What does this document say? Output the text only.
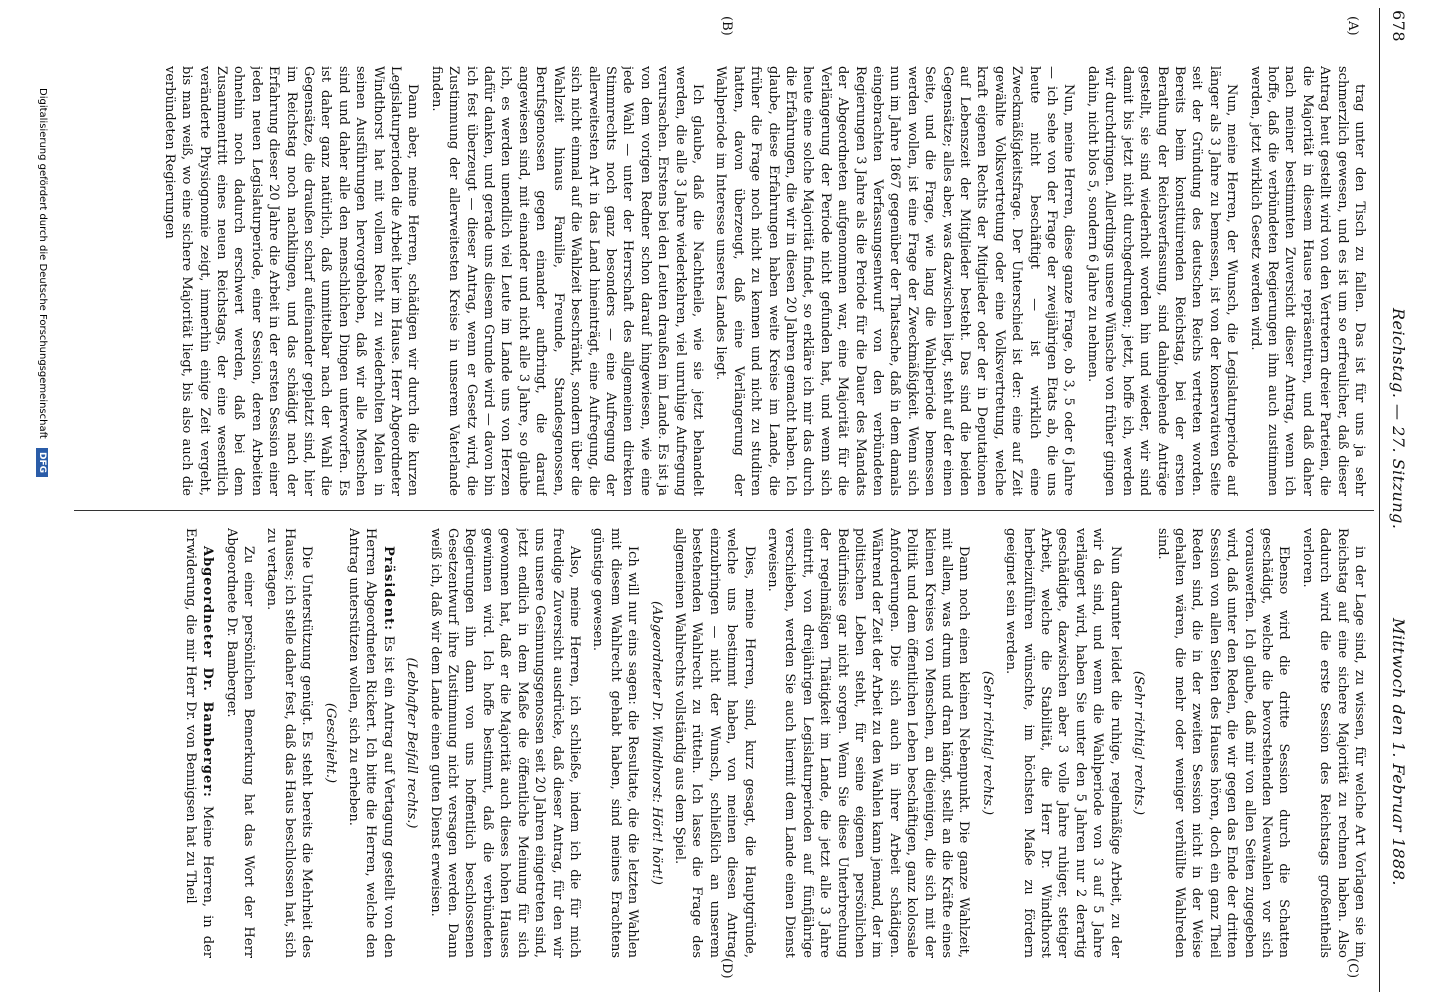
678
Reichstag. — 27. Sitzung.
Mittwoch den 1. Februar 1888.
(A)
(B)
(C)
(D)

trag unter den Tisch zu fallen. Das ist für uns ja sehr schmerzlich gewesen, und es ist um so erfreulicher, daß dieser Antrag heut gestellt wird von den Vertretern dreier Parteien, die die Majorität in diesem Hause repräsentiren, und daß daher nach meiner bestimmten Zuversicht dieser Antrag, wenn ich hoffe, daß die verbündeten Regierungen ihm auch zustimmen werden, jetzt wirklich Gesetz werden wird.

Nun, meine Herren, der Wunsch, die Legislaturperiode auf länger als 3 Jahre zu bemessen, ist von der konservativen Seite seit der Gründung des deutschen Reichs vertreten worden. Bereits beim konstituirenden Reichstag, bei der ersten Berathung der Reichsverfassung, sind dahingehende Anträge gestellt, sie sind wiederholt worden hin und wieder, wir sind damit bis jetzt nicht durchgedrungen; jetzt, hoffe ich, werden wir durchdringen. Allerdings unsere Wünsche von früher gingen dahin, nicht blos 5, sondern 6 Jahre zu nehmen.

Nun, meine Herren, diese ganze Frage, ob 3, 5 oder 6 Jahre — ich sehe von der Frage der zweijährigen Etats ab, die uns heute nicht beschäftigt — ist wirklich eine Zweckmäßigkeitsfrage. Der Unterschied ist der: eine auf Zeit gewählte Volksvertretung oder eine Volksvertretung, welche kraft eigenen Rechts der Mitglieder oder der in Deputationen auf Lebenszeit der Mitglieder besteht. Das sind die beiden Gegensätze; alles aber, was dazwischen liegt, steht auf der einen Seite, und die Frage, wie lang die Wahlperiode bemessen werden wollen, ist eine Frage der Zweckmäßigkeit. Wenn sich nun im Jahre 1867 gegenüber der Thatsache, daß in dem damals eingebrachten Verfassungsentwurf von den verbündeten Regierungen 3 Jahre als die Periode für die Dauer des Mandats der Abgeordneten aufgenommen war, eine Majorität für die Verlängerung der Periode nicht gefunden hat, und wenn sich heute eine solche Majorität findet, so erkläre ich mir das durch die Erfahrungen, die wir in diesen 20 Jahren gemacht haben. Ich glaube, diese Erfahrungen haben weite Kreise im Lande, die früher die Frage noch nicht zu kennen und nicht zu studiren hatten, davon überzeugt, daß eine Verlängerung der Wahlperiode im Interesse unseres Landes liegt.

Ich glaube, daß die Nachtheile, wie sie jetzt behandelt werden, die alle 3 Jahre wiederkehren, viel unruhige Aufregung verursachen. Erstens bei den Leuten draußen im Lande. Es ist ja von dem vorigen Redner schon darauf hingewiesen, wie eine jede Wahl — unter der Herrschaft des allgemeinen direkten Stimmrechts noch ganz besonders — eine Aufregung der allerweitesten Art in das Land hineinträgt, eine Aufregung, die sich nicht einmal auf die Wahlzeit beschränkt, sondern über die Wahlzeit hinaus Familie, Freunde, Standesgenossen, Berufsgenossen gegen einander aufbringt, die darauf angewiesen sind, mit einander und nicht alle 3 Jahre, so glaube ich, es werden unendlich viel Leute im Lande uns von Herzen dafür danken, und gerade uns diesem Grunde wird — davon bin ich fest überzeugt — dieser Antrag, wenn er Gesetz wird, die Zustimmung der allerweitesten Kreise in unserem Vaterlande finden.

Dann aber, meine Herren, schädigen wir durch die kurzen Legislaturperioden die Arbeit hier im Hause. Herr Abgeordneter Windthorst hat mit vollem Recht zu wiederholten Malen in seinen Ausführungen hervorgehoben, daß wir alle Menschen sind und daher alle den menschlichen Dingen unterworfen. Es ist daher ganz natürlich, daß unmittelbar nach der Wahl die Gegensätze, die draußen scharf aufeinander geplatzt sind, hier im Reichstag noch nachklingen, und das schädigt nach der Erfahrung dieser 20 Jahre die Arbeit in der ersten Session einer jeden neuen Legislaturperiode, einer Session, deren Arbeiten ohnehin noch dadurch erschwert werden, daß bei dem Zusammentritt eines neuen Reichstags, der eine wesentlich veränderte Physiognomie zeigt, immerhin einige Zeit vergeht, bis man weiß, wo eine sichere Majorität liegt, bis also auch die verbündeten Regierungen

in der Lage sind, zu wissen, für welche Art Vorlagen sie im Reichstag auf eine sichere Majorität zu rechnen haben. Also dadurch wird die erste Session des Reichstags großentheils verloren.

Ebenso wird die dritte Session durch die Schatten geschädigt, welche die bevorstehenden Neuwahlen vor sich vorauswerfen. Ich glaube, daß mir von allen Seiten zugegeben wird, daß unter den Reden, die wir gegen das Ende der dritten Session von allen Seiten des Hauses hören, doch ein ganz Theil Reden sind, die in der zweiten Session nicht in der Weise gehalten wären, die mehr oder weniger verhüllte Wahlreden sind.

(Sehr richtig! rechts.)

Nun darunter leidet die ruhige, regelmäßige Arbeit, zu der wir da sind, und wenn die Wahlperiode von 3 auf 5 Jahre verlängert wird, haben Sie unter den 5 Jahren nur 2 derartig geschädigte, dazwischen aber 3 volle Jahre ruhiger, stetiger Arbeit, welche die Stabilität, die Herr Dr. Windthorst herbeizuführen wünschte, im höchsten Maße zu fördern geeignet sein werden.

(Sehr richtig! rechts.)

Dann noch einen kleinen Nebenpunkt. Die ganze Wahlzeit, mit allem, was drum und dran hängt, stellt an die Kräfte eines kleinen Kreises von Menschen, an diejenigen, die sich mit der Politik und dem öffentlichen Leben beschäftigen, ganz kolossale Anforderungen. Die sich auch in ihrer Arbeit schädigen. Während der Zeit der Arbeit zu den Wahlen kann jemand, der im politischen Leben steht, für seine eigenen persönlichen Bedürfnisse gar nicht sorgen. Wenn Sie diese Unterbrechung der regelmäßigen Thätigkeit im Lande, die jetzt alle 3 Jahre eintritt, von dreijährigen Legislaturperioden auf fünfjährige verschieben, werden Sie auch hiermit dem Lande einen Dienst erweisen.

Dies, meine Herren, sind, kurz gesagt, die Hauptgründe, welche uns bestimmt haben, von meinen diesen Antrag einzubringen — nicht der Wunsch, schließlich an unserem bestehenden Wahlrecht zu rütteln. Ich lasse die Frage des allgemeinen Wahlrechts vollständig aus dem Spiel.

(Abgeordneter Dr. Windthorst: Hört! hört!)

Ich will nur eins sagen: die Resultate, die die letzten Wahlen mit diesem Wahlrecht gehabt haben, sind meines Erachtens günstige gewesen.

Also, meine Herren, ich schließe, indem ich die für mich freudige Zuversicht ausdrücke, daß dieser Antrag, für den wir uns unsere Gesinnungsgenossen seit 20 Jahren eingetreten sind, jetzt endlich in dem Maße die öffentliche Meinung für sich gewonnen hat, daß er die Majorität auch dieses hohen Hauses gewinnen wird. Ich hoffe bestimmt, daß die verbündeten Regierungen ihn dann von uns hoffentlich beschlossenen Gesetzentwurf ihre Zustimmung nicht versagen werden. Dann weiß ich, daß wir dem Lande einen guten Dienst erweisen.

(Lebhafter Beifall rechts.)

Präsident: Es ist ein Antrag auf Vertagung gestellt von den Herren Abgeordneten Rickert. Ich bitte die Herren, welche den Antrag unterstützen wollen, sich zu erheben.

(Geschieht.)

Die Unterstützung genügt. Es steht bereits die Mehrheit des Hauses; ich stelle daher fest, daß das Haus beschlossen hat, sich zu vertagen.

Zu einer persönlichen Bemerkung hat das Wort der Herr Abgeordnete Dr. Bamberger.

Abgeordneter Dr. Bamberger: Meine Herren, in der Erwiderung, die mir Herr Dr. von Bennigsen hat zu Theil

Digitalisierung gefördert durch die Deutsche Forschungsgemeinschaft DFG
